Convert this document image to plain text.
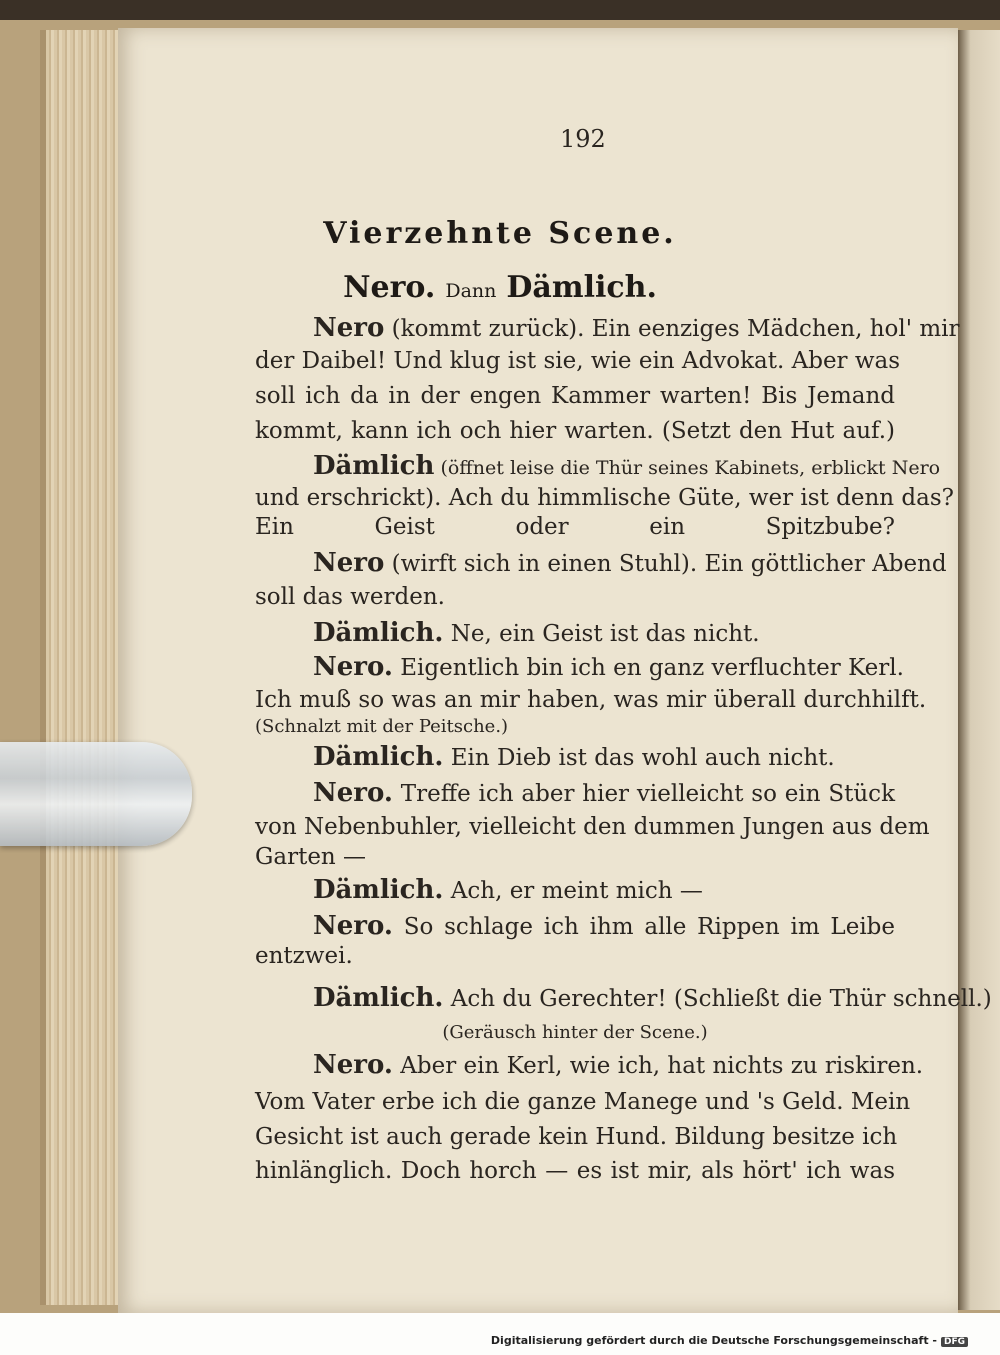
192
Vierzehnte Scene.
Nero. Dann Dämlich.
Nero (kommt zurück). Ein eenziges Mädchen, hol' mir
der Daibel! Und klug ist sie, wie ein Advokat. Aber was
soll ich da in der engen Kammer warten! Bis Jemand
kommt, kann ich och hier warten. (Setzt den Hut auf.)
Dämlich (öffnet leise die Thür seines Kabinets, erblickt Nero
und erschrickt). Ach du himmlische Güte, wer ist denn das?
Ein Geist oder ein Spitzbube?
Nero (wirft sich in einen Stuhl). Ein göttlicher Abend
soll das werden.
Dämlich. Ne, ein Geist ist das nicht.
Nero. Eigentlich bin ich en ganz verfluchter Kerl.
Ich muß so was an mir haben, was mir überall durchhilft.
(Schnalzt mit der Peitsche.)
Dämlich. Ein Dieb ist das wohl auch nicht.
Nero. Treffe ich aber hier vielleicht so ein Stück
von Nebenbuhler, vielleicht den dummen Jungen aus dem
Garten —
Dämlich. Ach, er meint mich —
Nero. So schlage ich ihm alle Rippen im Leibe
entzwei.
Dämlich. Ach du Gerechter! (Schließt die Thür schnell.)
(Geräusch hinter der Scene.)
Nero. Aber ein Kerl, wie ich, hat nichts zu riskiren.
Vom Vater erbe ich die ganze Manege und 's Geld. Mein
Gesicht ist auch gerade kein Hund. Bildung besitze ich
hinlänglich. Doch horch — es ist mir, als hört' ich was
Digitalisierung gefördert durch die Deutsche Forschungsgemeinschaft - DFG
